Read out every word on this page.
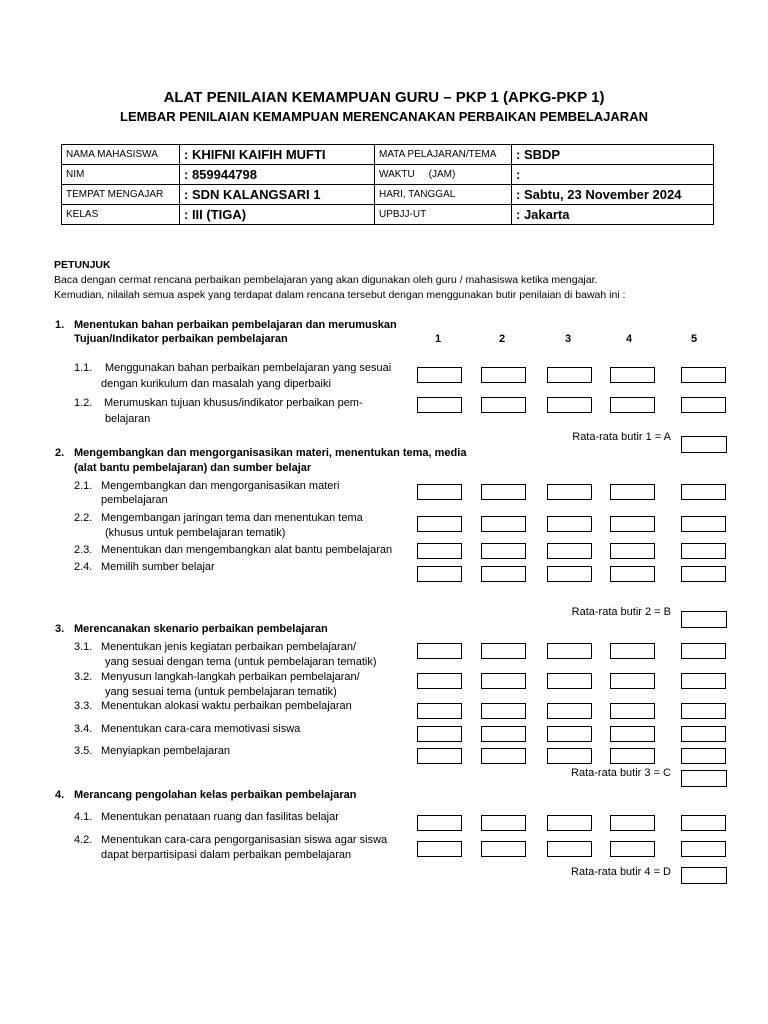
ALAT PENILAIAN KEMAMPUAN GURU – PKP 1 (APKG-PKP 1)
LEMBAR PENILAIAN KEMAMPUAN MERENCANAKAN PERBAIKAN PEMBELAJARAN
NAMA MAHASISWA	: KHIFNI KAIFIH MUFTI	MATA PELAJARAN/TEMA	: SBDP
NIM	: 859944798	WAKTU     (JAM)	:
TEMPAT MENGAJAR	: SDN KALANGSARI 1	HARI, TANGGAL	: Sabtu, 23 November 2024
KELAS	: III (TIGA)	UPBJJ-UT	: Jakarta
PETUNJUK
Baca dengan cermat rencana perbaikan pembelajaran yang akan digunakan oleh guru / mahasiswa ketika mengajar.
Kemudian, nilailah semua aspek yang terdapat dalam rencana tersebut dengan menggunakan butir penilaian di bawah ini :
1	2	3	4	5
1. Menentukan bahan perbaikan pembelajaran dan merumuskan
Tujuan/Indikator perbaikan pembelajaran
1.1. Menggunakan bahan perbaikan pembelajaran yang sesuai
dengan kurikulum dan masalah yang diperbaiki
1.2. Merumuskan tujuan khusus/indikator perbaikan pem-
belajaran
Rata-rata butir 1 = A
2. Mengembangkan dan mengorganisasikan materi, menentukan tema, media
(alat bantu pembelajaran) dan sumber belajar
2.1. Mengembangkan dan mengorganisasikan materi
pembelajaran
2.2. Mengembangan jaringan tema dan menentukan tema
(khusus untuk pembelajaran tematik)
2.3. Menentukan dan mengembangkan alat bantu pembelajaran
2.4. Memilih sumber belajar
Rata-rata butir 2 = B
3. Merencanakan skenario perbaikan pembelajaran
3.1. Menentukan jenis kegiatan perbaikan pembelajaran/
yang sesuai dengan tema (untuk pembelajaran tematik)
3.2. Menyusun langkah-langkah perbaikan pembelajaran/
yang sesuai tema (untuk pembelajaran tematik)
3.3. Menentukan alokasi waktu perbaikan pembelajaran
3.4. Menentukan cara-cara memotivasi siswa
3.5. Menyiapkan pembelajaran
Rata-rata butir 3 = C
4. Merancang pengolahan kelas perbaikan pembelajaran
4.1. Menentukan penataan ruang dan fasilitas belajar
4.2. Menentukan cara-cara pengorganisasian siswa agar siswa
dapat berpartisipasi dalam perbaikan pembelajaran
Rata-rata butir 4 = D
